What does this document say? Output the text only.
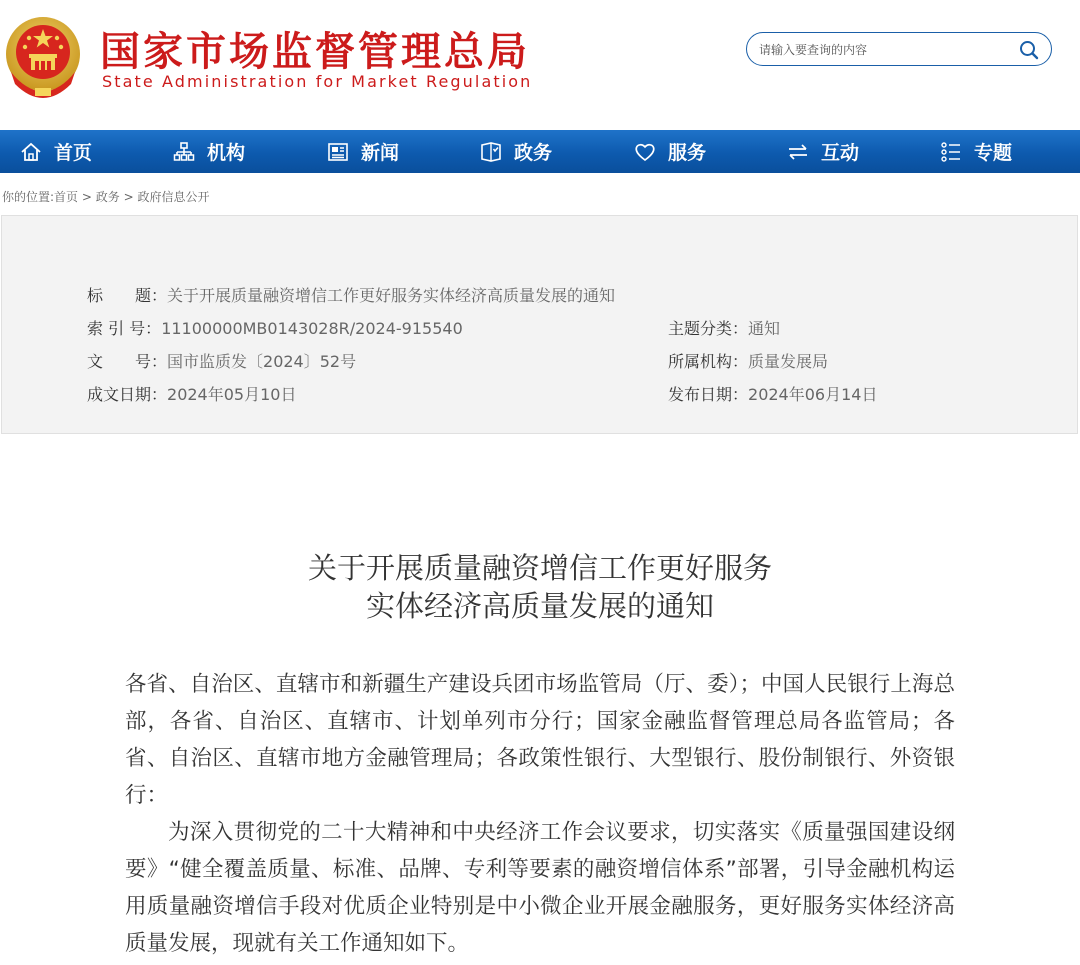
国家市场监督管理总局
State Administration for Market Regulation
请输入要查询的内容
首页	机构	新闻	政务	服务	互动	专题
你的位置:首页 > 政务 > 政府信息公开
标　　题：关于开展质量融资增信工作更好服务实体经济高质量发展的通知
索 引 号：11100000MB0143028R/2024-915540	主题分类：通知
文　　号：国市监质发〔2024〕52号	所属机构：质量发展局
成文日期：2024年05月10日	发布日期：2024年06月14日
关于开展质量融资增信工作更好服务
实体经济高质量发展的通知

各省、自治区、直辖市和新疆生产建设兵团市场监管局（厅、委）；中国人民银行上海总部，各省、自治区、直辖市、计划单列市分行；国家金融监督管理总局各监管局；各省、自治区、直辖市地方金融管理局；各政策性银行、大型银行、股份制银行、外资银行：

为深入贯彻党的二十大精神和中央经济工作会议要求，切实落实《质量强国建设纲要》“健全覆盖质量、标准、品牌、专利等要素的融资增信体系”部署，引导金融机构运用质量融资增信手段对优质企业特别是中小微企业开展金融服务，更好服务实体经济高质量发展，现就有关工作通知如下。
